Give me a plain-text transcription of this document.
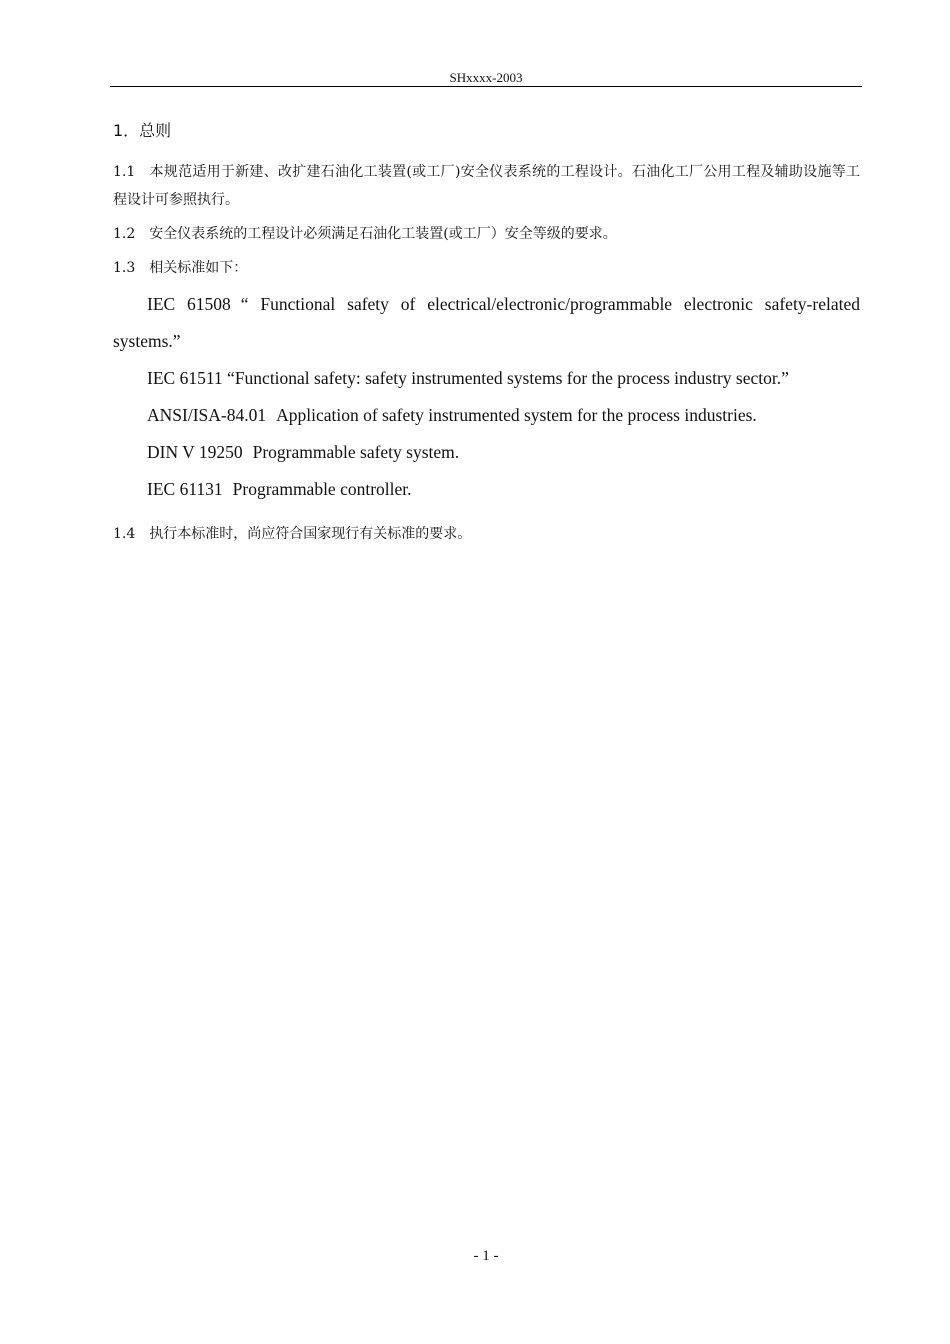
SHxxxx-2003

1．总则

1.1 本规范适用于新建、改扩建石油化工装置(或工厂)安全仪表系统的工程设计。石油化工厂公用工程及辅助设施等工程设计可参照执行。

1.2 安全仪表系统的工程设计必须满足石油化工装置(或工厂）安全等级的要求。

1.3 相关标准如下：

IEC 61508 “ Functional safety of electrical/electronic/programmable electronic safety-related systems.”

IEC 61511 “Functional safety: safety instrumented systems for the process industry sector.”

ANSI/ISA-84.01 Application of safety instrumented system for the process industries.

DIN V 19250 Programmable safety system.

IEC 61131 Programmable controller.

1.4 执行本标准时，尚应符合国家现行有关标准的要求。

- 1 -
